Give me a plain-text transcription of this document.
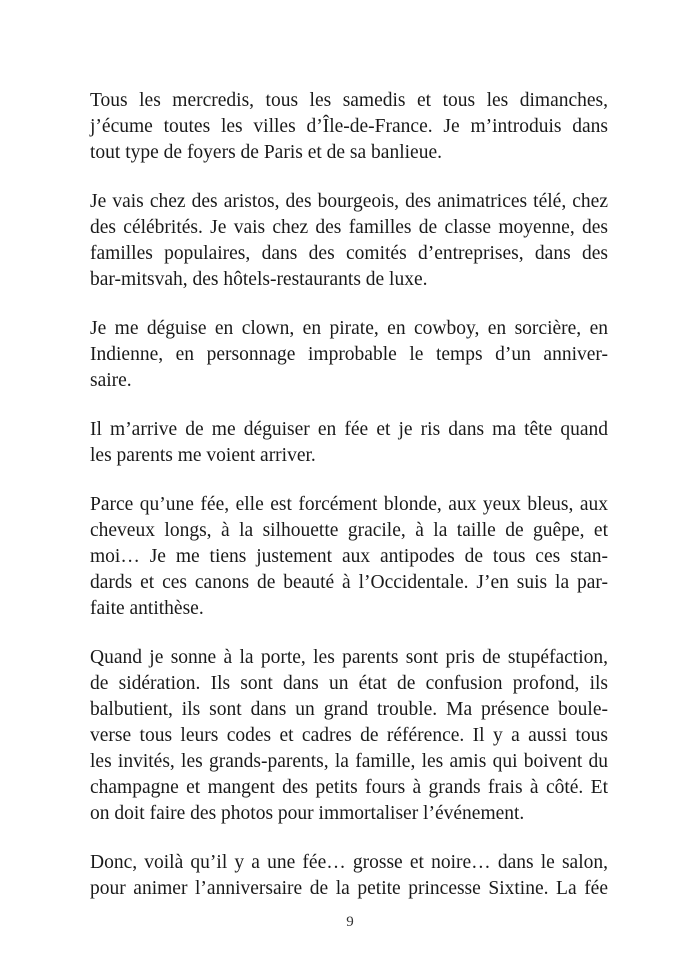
Tous les mercredis, tous les samedis et tous les dimanches,
j’écume toutes les villes d’Île-de-France. Je m’introduis dans
tout type de foyers de Paris et de sa banlieue.
Je vais chez des aristos, des bourgeois, des animatrices télé, chez
des célébrités. Je vais chez des familles de classe moyenne, des
familles populaires, dans des comités d’entreprises, dans des
bar-mitsvah, des hôtels-restaurants de luxe.
Je me déguise en clown, en pirate, en cowboy, en sorcière, en
Indienne, en personnage improbable le temps d’un anniver-
saire.
Il m’arrive de me déguiser en fée et je ris dans ma tête quand
les parents me voient arriver.
Parce qu’une fée, elle est forcément blonde, aux yeux bleus, aux
cheveux longs, à la silhouette gracile, à la taille de guêpe, et
moi… Je me tiens justement aux antipodes de tous ces stan-
dards et ces canons de beauté à l’Occidentale. J’en suis la par-
faite antithèse.
Quand je sonne à la porte, les parents sont pris de stupéfaction,
de sidération. Ils sont dans un état de confusion profond, ils
balbutient, ils sont dans un grand trouble. Ma présence boule-
verse tous leurs codes et cadres de référence. Il y a aussi tous
les invités, les grands-parents, la famille, les amis qui boivent du
champagne et mangent des petits fours à grands frais à côté. Et
on doit faire des photos pour immortaliser l’événement.
Donc, voilà qu’il y a une fée… grosse et noire… dans le salon,
pour animer l’anniversaire de la petite princesse Sixtine. La fée
9
